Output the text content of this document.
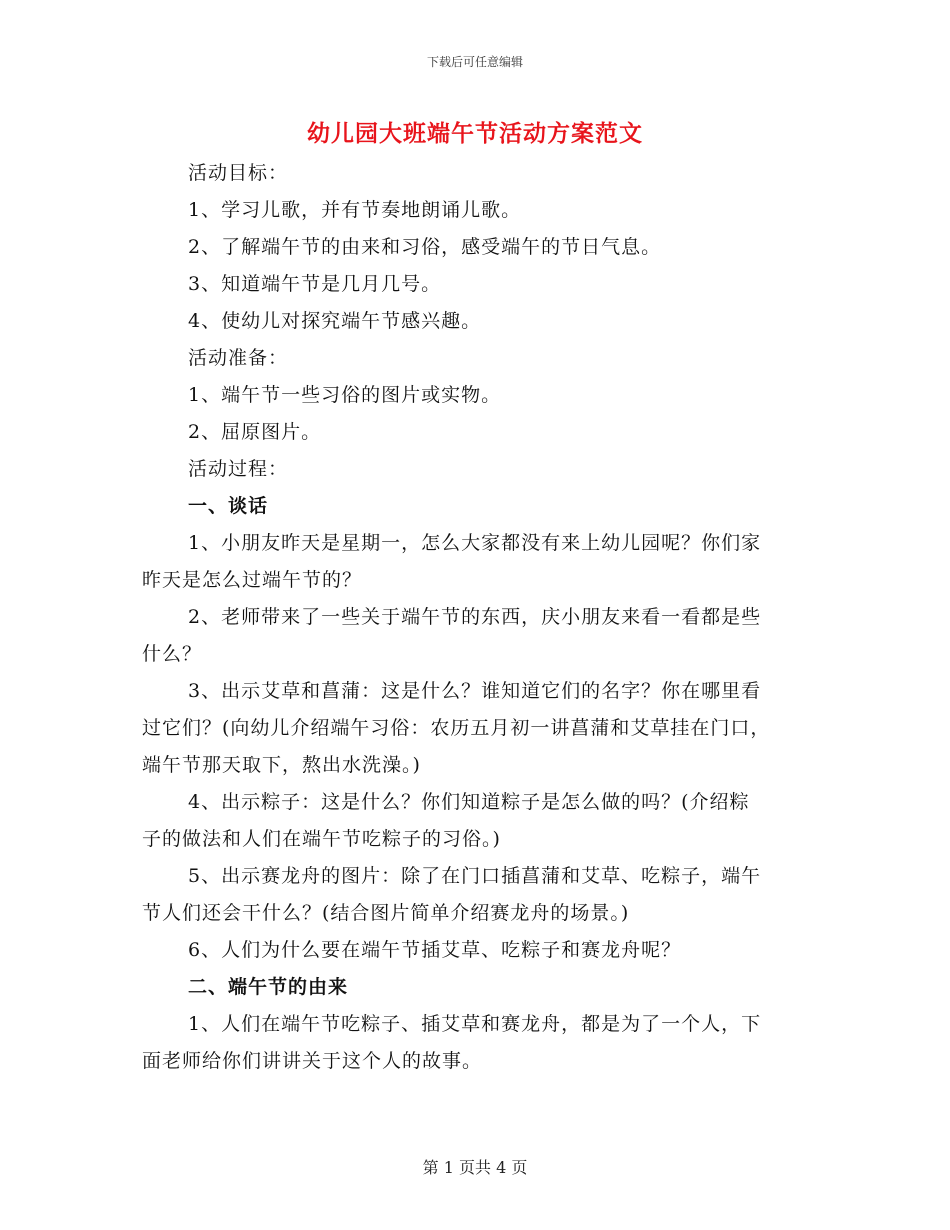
下载后可任意编辑
幼儿园大班端午节活动方案范文

活动目标：

1、学习儿歌，并有节奏地朗诵儿歌。

2、了解端午节的由来和习俗，感受端午的节日气息。

3、知道端午节是几月几号。

4、使幼儿对探究端午节感兴趣。

活动准备：

1、端午节一些习俗的图片或实物。

2、屈原图片。

活动过程：

一、谈话

1、小朋友昨天是星期一，怎么大家都没有来上幼儿园呢？你们家

昨天是怎么过端午节的？

2、老师带来了一些关于端午节的东西，庆小朋友来看一看都是些

什么？

3、出示艾草和菖蒲：这是什么？谁知道它们的名字？你在哪里看

过它们？(向幼儿介绍端午习俗：农历五月初一讲菖蒲和艾草挂在门口，

端午节那天取下，熬出水洗澡。)

4、出示粽子：这是什么？你们知道粽子是怎么做的吗？(介绍粽

子的做法和人们在端午节吃粽子的习俗。)

5、出示赛龙舟的图片：除了在门口插菖蒲和艾草、吃粽子，端午

节人们还会干什么？(结合图片简单介绍赛龙舟的场景。)

6、人们为什么要在端午节插艾草、吃粽子和赛龙舟呢？

二、端午节的由来

1、人们在端午节吃粽子、插艾草和赛龙舟，都是为了一个人，下

面老师给你们讲讲关于这个人的故事。

第 1 页共 4 页
